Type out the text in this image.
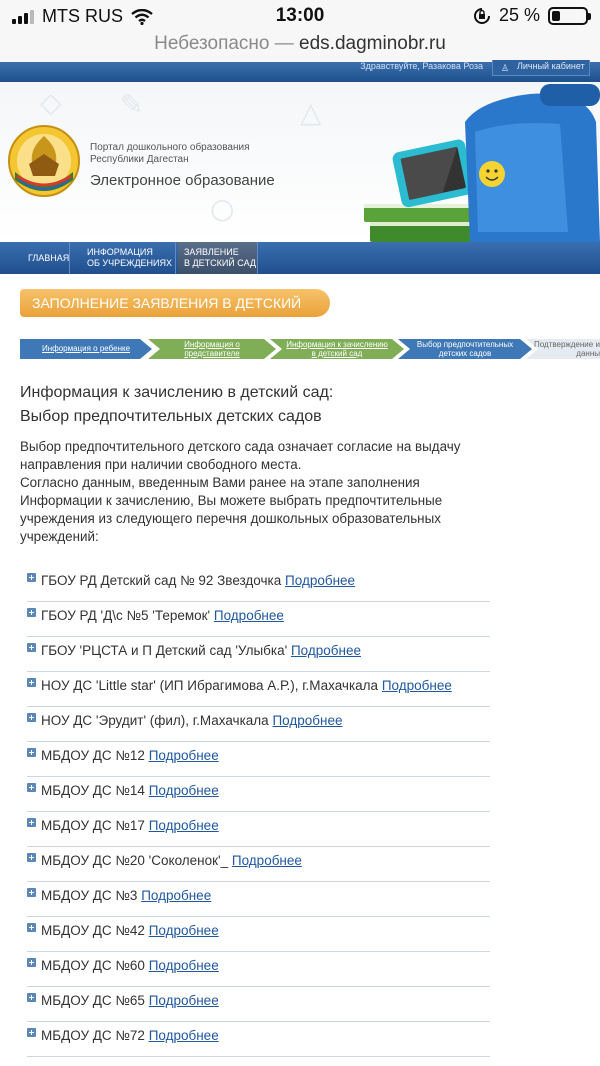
MTS RUS	13:00	25 %
Небезопасно — eds.dagminobr.ru
Здравствуйте, Разакова Роза ♙ Личный кабинет
✎	△
○
◇
Портал дошкольного образования
Республики Дагестан
Электронное образование
ГЛАВНАЯ
ИНФОРМАЦИЯ
ОБ УЧРЕЖДЕНИЯХ
ЗАЯВЛЕНИЕ
В ДЕТСКИЙ САД
ЗАПОЛНЕНИЕ ЗАЯВЛЕНИЯ В ДЕТСКИЙ САД
Информация о ребенке	Информация о
представителе
Информация к зачислению
в детский сад
Выбор предпочтительных
детских садов
Подтверждение и
данны
Информация к зачислению в детский сад:
Выбор предпочтительных детских садов
Выбор предпочтительного детского сада означает согласие на выдачу
направления при наличии свободного места.
Согласно данным, введенным Вами ранее на этапе заполнения
Информации к зачислению, Вы можете выбрать предпочтительные
учреждения из следующего перечня дошкольных образовательных
учреждений:
ГБОУ РД Детский сад № 92 Звездочка Подробнее
ГБОУ РД 'Д\с №5 'Теремок' Подробнее
ГБОУ 'РЦСТА и П Детский сад 'Улыбка' Подробнее
НОУ ДС 'Little star' (ИП Ибрагимова А.Р.), г.Махачкала Подробнее
НОУ ДС 'Эрудит' (фил), г.Махачкала Подробнее
МБДОУ ДС №12 Подробнее
МБДОУ ДС №14 Подробнее
МБДОУ ДС №17 Подробнее
МБДОУ ДС №20 'Соколенок'_ Подробнее
МБДОУ ДС №3 Подробнее
МБДОУ ДС №42 Подробнее
МБДОУ ДС №60 Подробнее
МБДОУ ДС №65 Подробнее
МБДОУ ДС №72 Подробнее
